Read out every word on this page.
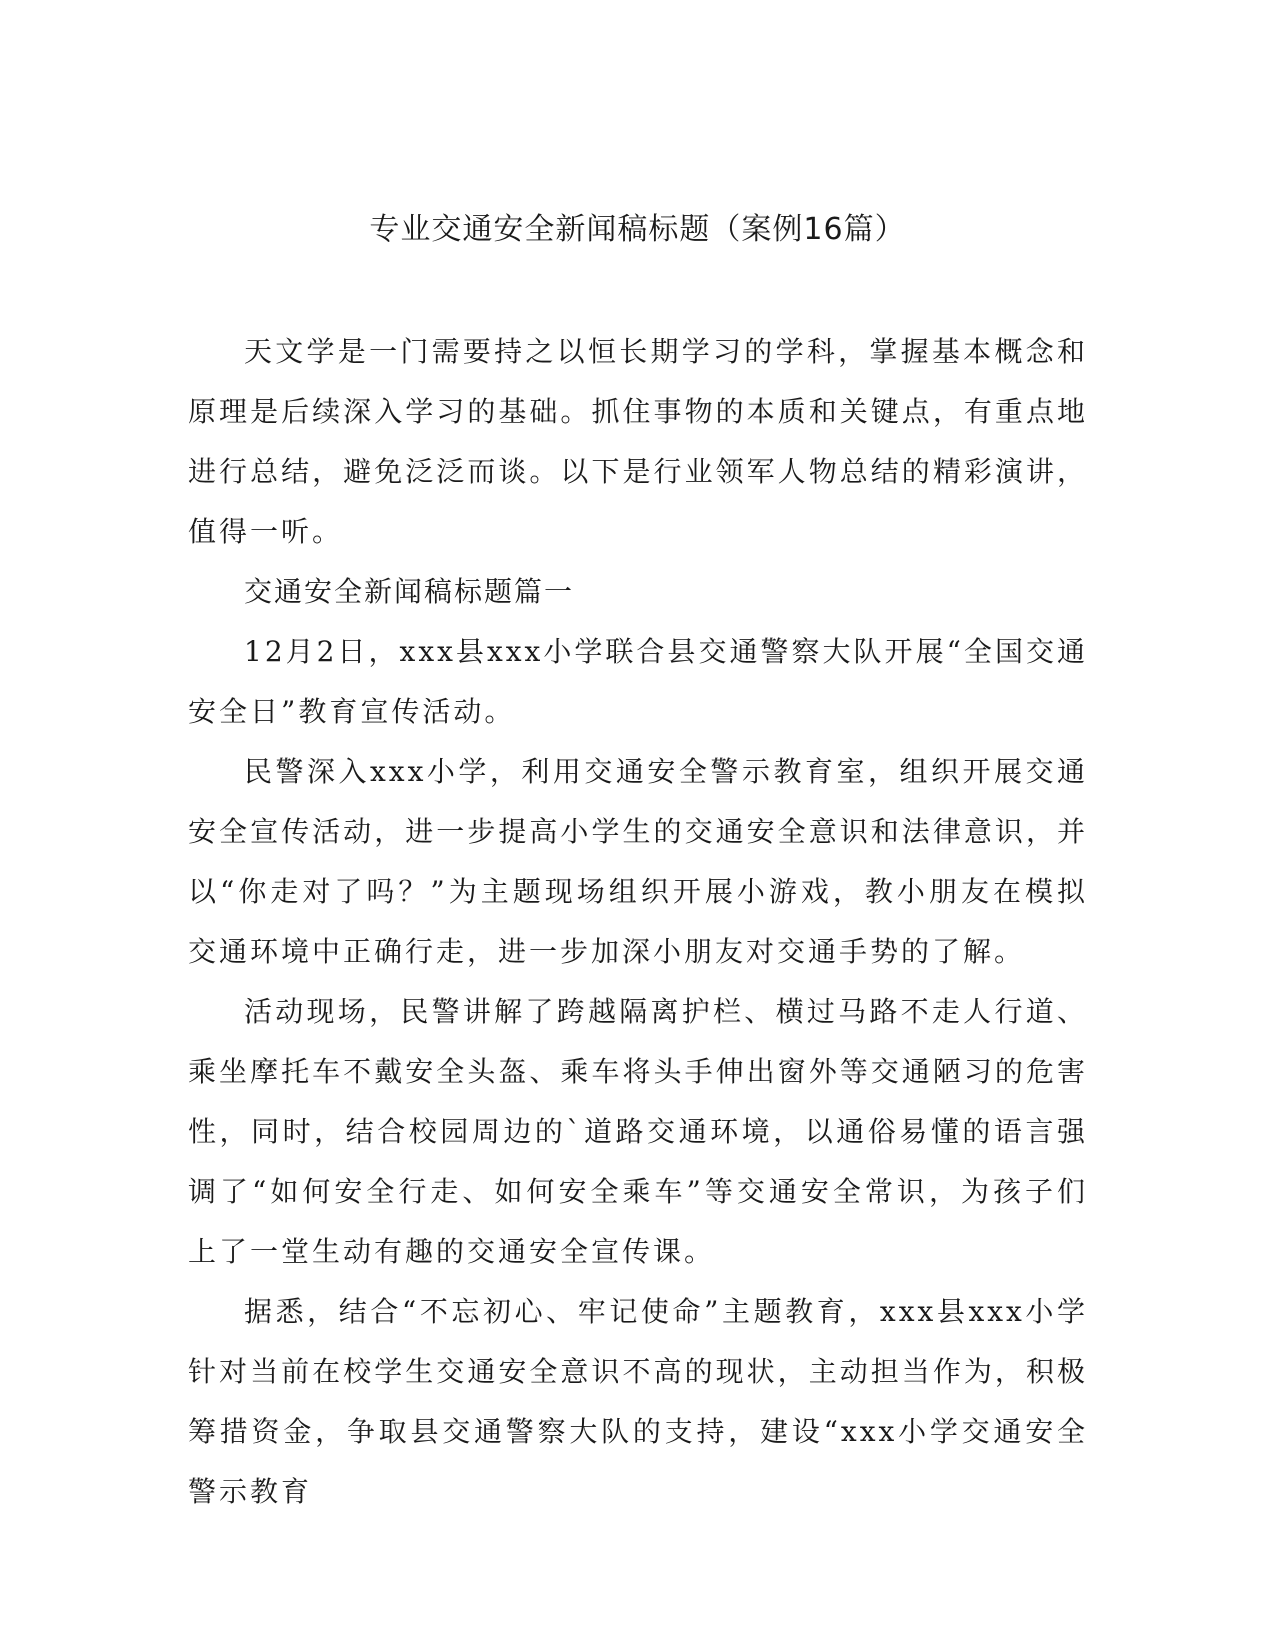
专业交通安全新闻稿标题（案例16篇）

天文学是一门需要持之以恒长期学习的学科，掌握基本概念和原理是后续深入学习的基础。抓住事物的本质和关键点，有重点地进行总结，避免泛泛而谈。以下是行业领军人物总结的精彩演讲，值得一听。

交通安全新闻稿标题篇一

12月2日，xxx县xxx小学联合县交通警察大队开展“全国交通安全日”教育宣传活动。

民警深入xxx小学，利用交通安全警示教育室，组织开展交通安全宣传活动，进一步提高小学生的交通安全意识和法律意识，并以“你走对了吗？”为主题现场组织开展小游戏，教小朋友在模拟交通环境中正确行走，进一步加深小朋友对交通手势的了解。

活动现场，民警讲解了跨越隔离护栏、横过马路不走人行道、乘坐摩托车不戴安全头盔、乘车将头手伸出窗外等交通陋习的危害性，同时，结合校园周边的`道路交通环境，以通俗易懂的语言强调了“如何安全行走、如何安全乘车”等交通安全常识，为孩子们上了一堂生动有趣的交通安全宣传课。

据悉，结合“不忘初心、牢记使命”主题教育，xxx县xxx小学针对当前在校学生交通安全意识不高的现状，主动担当作为，积极筹措资金，争取县交通警察大队的支持，建设“xxx小学交通安全警示教育
